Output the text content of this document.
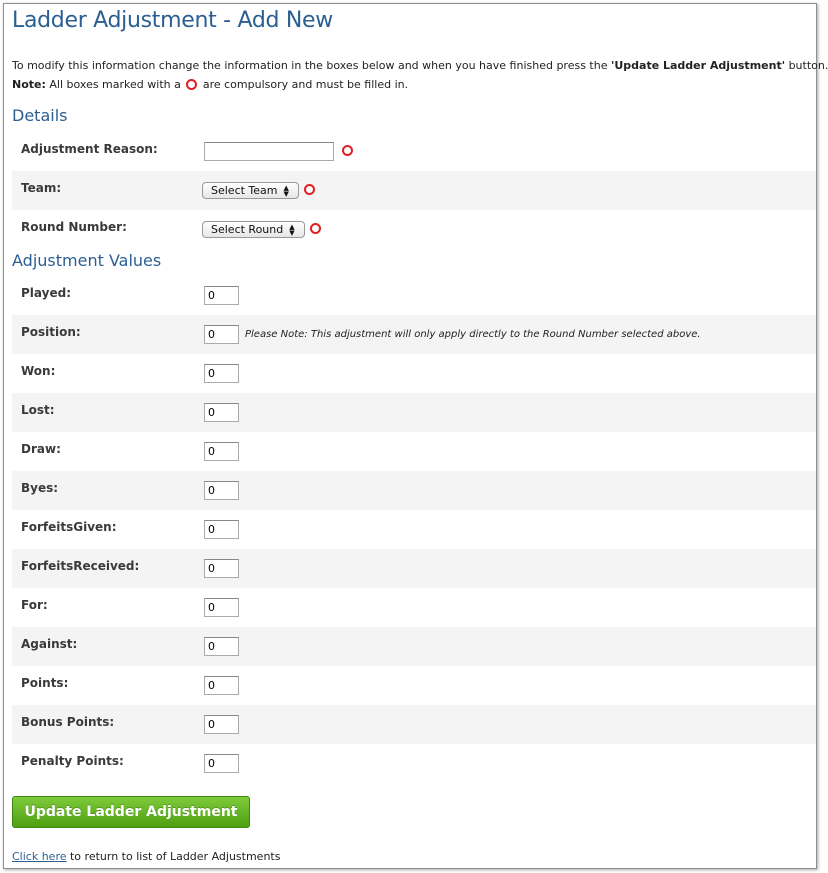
Ladder Adjustment - Add New
To modify this information change the information in the boxes below and when you have finished press the 'Update Ladder Adjustment' button.
Note: All boxes marked with a  are compulsory and must be filled in.
Details
Adjustment Reason:
Team:	Select Team ▲
▼
Round Number:	Select Round ▲
▼
Adjustment Values
Played:
0
Position:
0	Please Note: This adjustment will only apply directly to the Round Number selected above.
Won:
0
Lost:
0
Draw:
0
Byes:
0
ForfeitsGiven:
0
ForfeitsReceived:
0
For:
0
Against:
0
Points:
0
Bonus Points:
0
Penalty Points:
0
Update Ladder Adjustment
Click here to return to list of Ladder Adjustments
